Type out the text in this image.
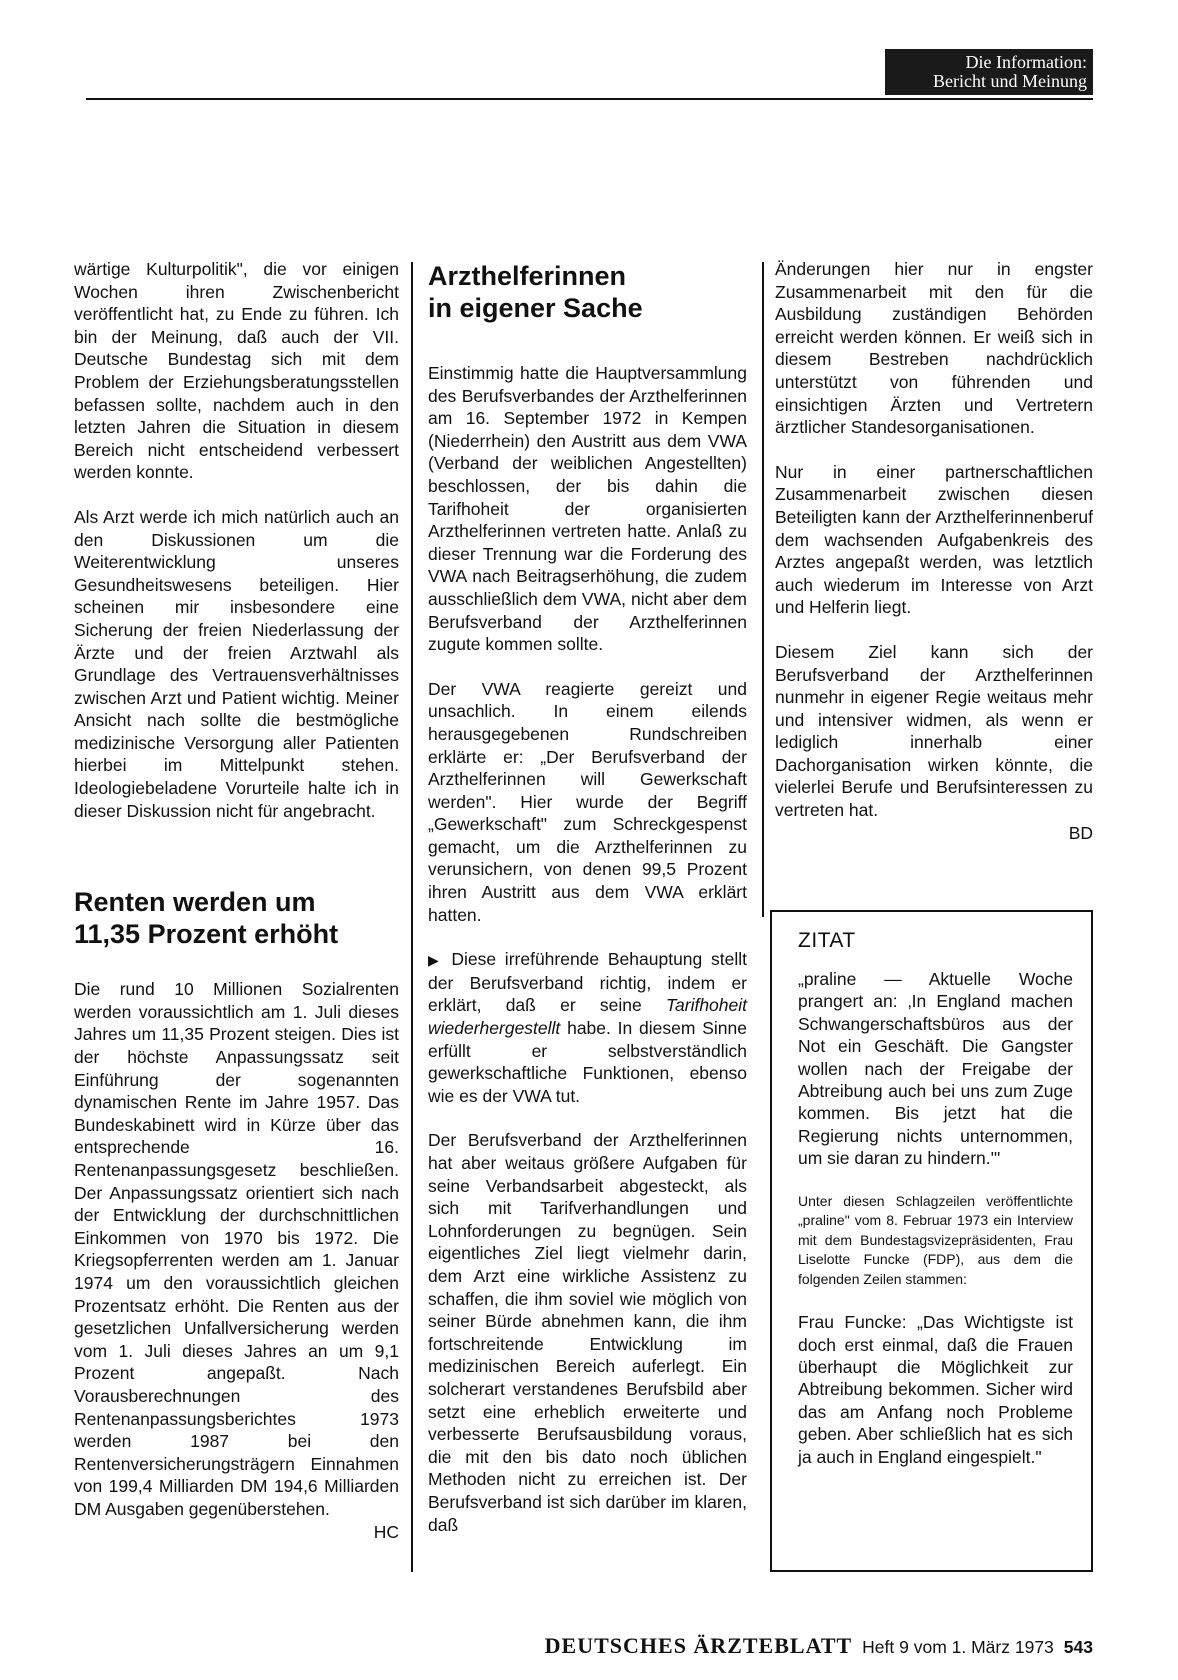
Die Information:
Bericht und Meinung

wärtige Kulturpolitik", die vor einigen Wochen ihren Zwischenbericht veröffentlicht hat, zu Ende zu führen. Ich bin der Meinung, daß auch der VII. Deutsche Bundestag sich mit dem Problem der Erziehungsberatungsstellen befassen sollte, nachdem auch in den letzten Jahren die Situation in diesem Bereich nicht entscheidend verbessert werden konnte.

Als Arzt werde ich mich natürlich auch an den Diskussionen um die Weiterentwicklung unseres Gesundheitswesens beteiligen. Hier scheinen mir insbesondere eine Sicherung der freien Niederlassung der Ärzte und der freien Arztwahl als Grundlage des Vertrauensverhältnisses zwischen Arzt und Patient wichtig. Meiner Ansicht nach sollte die bestmögliche medizinische Versorgung aller Patienten hierbei im Mittelpunkt stehen. Ideologiebeladene Vorurteile halte ich in dieser Diskussion nicht für angebracht.

Renten werden um
11,35 Prozent erhöht

Die rund 10 Millionen Sozialrenten werden voraussichtlich am 1. Juli dieses Jahres um 11,35 Prozent steigen. Dies ist der höchste Anpassungssatz seit Einführung der sogenannten dynamischen Rente im Jahre 1957. Das Bundeskabinett wird in Kürze über das entsprechende 16. Rentenanpassungsgesetz beschließen. Der Anpassungssatz orientiert sich nach der Entwicklung der durchschnittlichen Einkommen von 1970 bis 1972. Die Kriegsopferrenten werden am 1. Januar 1974 um den voraussichtlich gleichen Prozentsatz erhöht. Die Renten aus der gesetzlichen Unfallversicherung werden vom 1. Juli dieses Jahres an um 9,1 Prozent angepaßt. Nach Vorausberechnungen des Rentenanpassungsberichtes 1973 werden 1987 bei den Rentenversicherungsträgern Einnahmen von 199,4 Milliarden DM 194,6 Milliarden DM Ausgaben gegenüberstehen.

HC
Arzthelferinnen
in eigener Sache

Einstimmig hatte die Hauptversammlung des Berufsverbandes der Arzthelferinnen am 16. September 1972 in Kempen (Niederrhein) den Austritt aus dem VWA (Verband der weiblichen Angestellten) beschlossen, der bis dahin die Tarifhoheit der organisierten Arzthelferinnen vertreten hatte. Anlaß zu dieser Trennung war die Forderung des VWA nach Beitragserhöhung, die zudem ausschließlich dem VWA, nicht aber dem Berufsverband der Arzthelferinnen zugute kommen sollte.

Der VWA reagierte gereizt und unsachlich. In einem eilends herausgegebenen Rundschreiben erklärte er: „Der Berufsverband der Arzthelferinnen will Gewerkschaft werden". Hier wurde der Begriff „Gewerkschaft" zum Schreckgespenst gemacht, um die Arzthelferinnen zu verunsichern, von denen 99,5 Prozent ihren Austritt aus dem VWA erklärt hatten.

▶ Diese irreführende Behauptung stellt der Berufsverband richtig, indem er erklärt, daß er seine Tarifhoheit wiederhergestellt habe. In diesem Sinne erfüllt er selbstverständlich gewerkschaftliche Funktionen, ebenso wie es der VWA tut.

Der Berufsverband der Arzthelferinnen hat aber weitaus größere Aufgaben für seine Verbandsarbeit abgesteckt, als sich mit Tarifverhandlungen und Lohnforderungen zu begnügen. Sein eigentliches Ziel liegt vielmehr darin, dem Arzt eine wirkliche Assistenz zu schaffen, die ihm soviel wie möglich von seiner Bürde abnehmen kann, die ihm fortschreitende Entwicklung im medizinischen Bereich auferlegt. Ein solcherart verstandenes Berufsbild aber setzt eine erheblich erweiterte und verbesserte Berufsausbildung voraus, die mit den bis dato noch üblichen Methoden nicht zu erreichen ist. Der Berufsverband ist sich darüber im klaren, daß

Änderungen hier nur in engster Zusammenarbeit mit den für die Ausbildung zuständigen Behörden erreicht werden können. Er weiß sich in diesem Bestreben nachdrücklich unterstützt von führenden und einsichtigen Ärzten und Vertretern ärztlicher Standesorganisationen.

Nur in einer partnerschaftlichen Zusammenarbeit zwischen diesen Beteiligten kann der Arzthelferinnenberuf dem wachsenden Aufgabenkreis des Arztes angepaßt werden, was letztlich auch wiederum im Interesse von Arzt und Helferin liegt.

Diesem Ziel kann sich der Berufsverband der Arzthelferinnen nunmehr in eigener Regie weitaus mehr und intensiver widmen, als wenn er lediglich innerhalb einer Dachorganisation wirken könnte, die vielerlei Berufe und Berufsinteressen zu vertreten hat.

BD
ZITAT

„praline — Aktuelle Woche prangert an: ‚In England machen Schwangerschaftsbüros aus der Not ein Geschäft. Die Gangster wollen nach der Freigabe der Abtreibung auch bei uns zum Zuge kommen. Bis jetzt hat die Regierung nichts unternommen, um sie daran zu hindern.'"

Unter diesen Schlagzeilen veröffentlichte „praline" vom 8. Februar 1973 ein Interview mit dem Bundestagsvizepräsidenten, Frau Liselotte Funcke (FDP), aus dem die folgenden Zeilen stammen:

Frau Funcke: „Das Wichtigste ist doch erst einmal, daß die Frauen überhaupt die Möglichkeit zur Abtreibung bekommen. Sicher wird das am Anfang noch Probleme geben. Aber schließlich hat es sich ja auch in England eingespielt."

DEUTSCHES ÄRZTEBLATT Heft 9 vom 1. März 1973 543
